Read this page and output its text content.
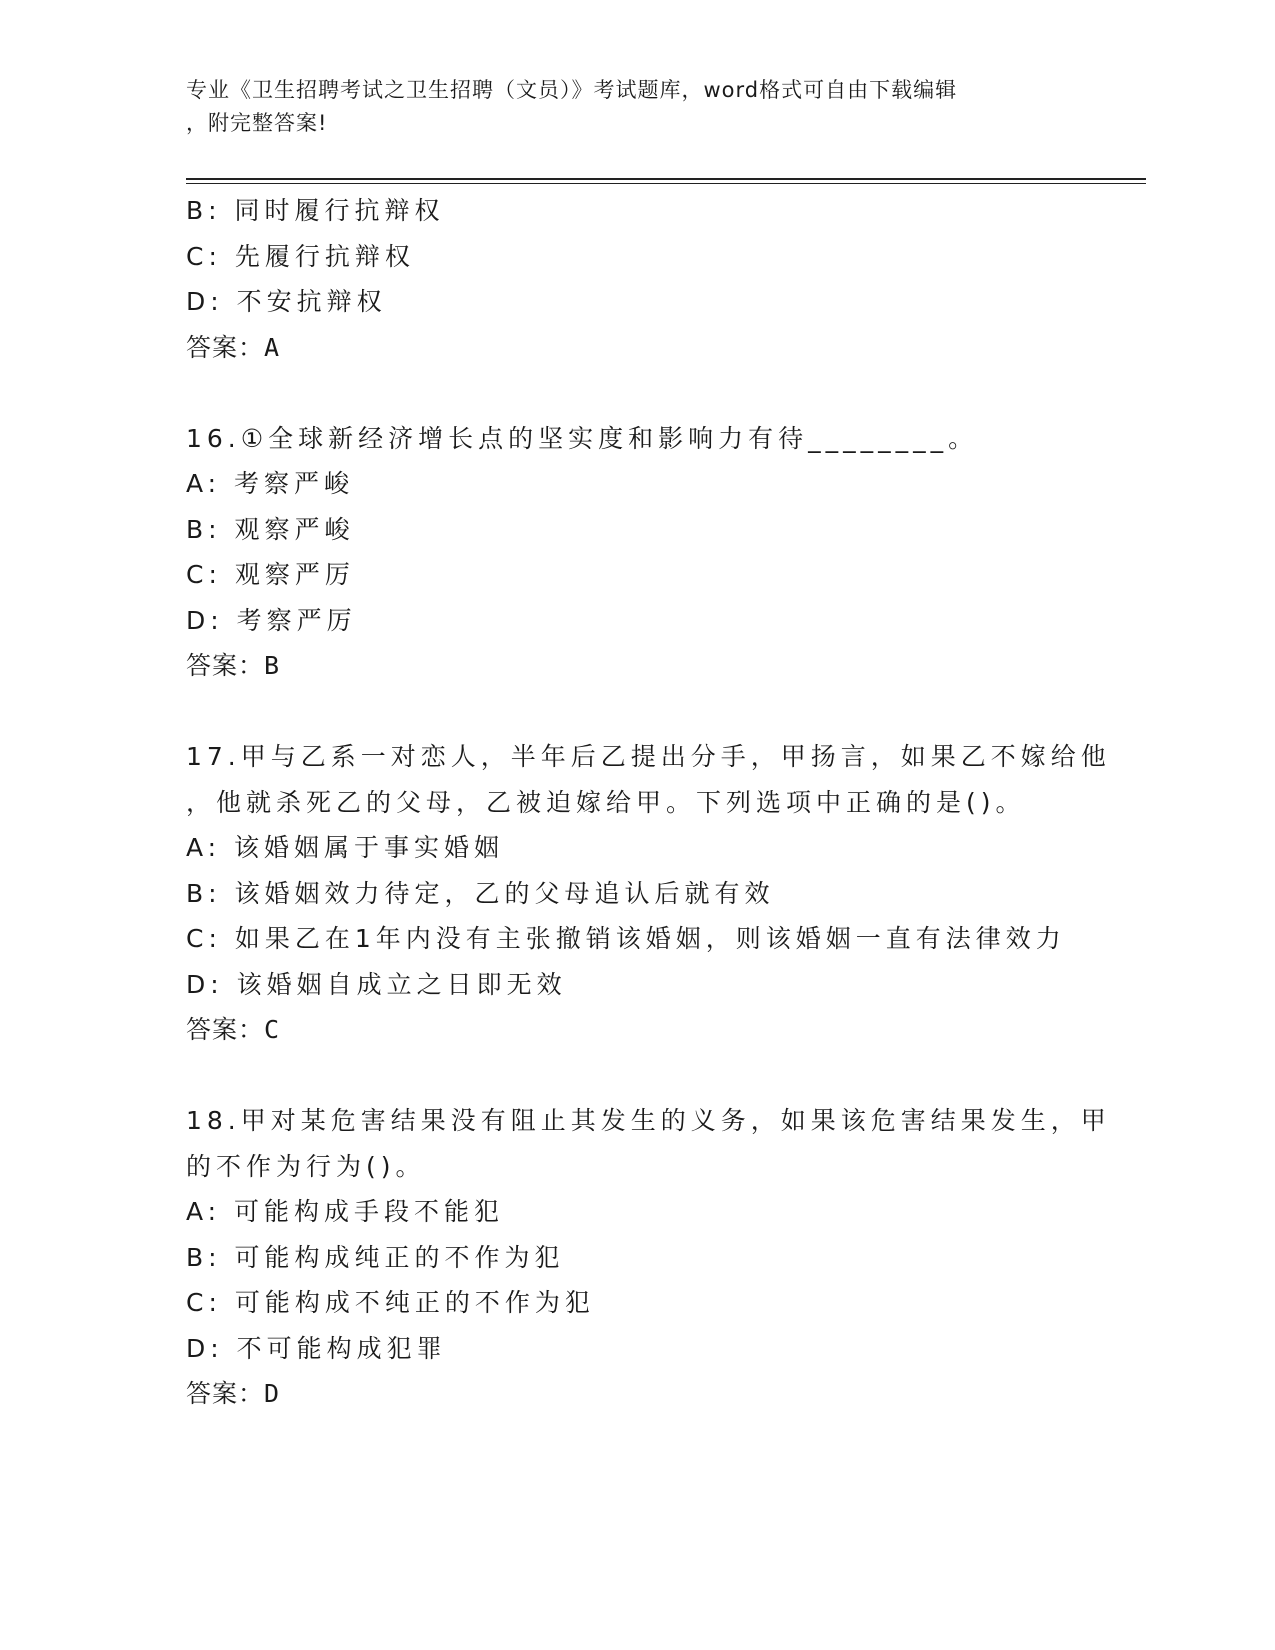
专业《卫生招聘考试之卫生招聘（文员）》考试题库，word格式可自由下载编辑
，附完整答案!
B: 同时履行抗辩权
C: 先履行抗辩权
D: 不安抗辩权
答案：A
16.①全球新经济增长点的坚实度和影响力有待________。
A: 考察严峻
B: 观察严峻
C: 观察严厉
D: 考察严厉
答案：B
17.甲与乙系一对恋人，半年后乙提出分手，甲扬言，如果乙不嫁给他
，他就杀死乙的父母，乙被迫嫁给甲。下列选项中正确的是()。
A: 该婚姻属于事实婚姻
B: 该婚姻效力待定，乙的父母追认后就有效
C: 如果乙在1年内没有主张撤销该婚姻，则该婚姻一直有法律效力
D: 该婚姻自成立之日即无效
答案：C
18.甲对某危害结果没有阻止其发生的义务，如果该危害结果发生，甲
的不作为行为()。
A: 可能构成手段不能犯
B: 可能构成纯正的不作为犯
C: 可能构成不纯正的不作为犯
D: 不可能构成犯罪
答案：D
